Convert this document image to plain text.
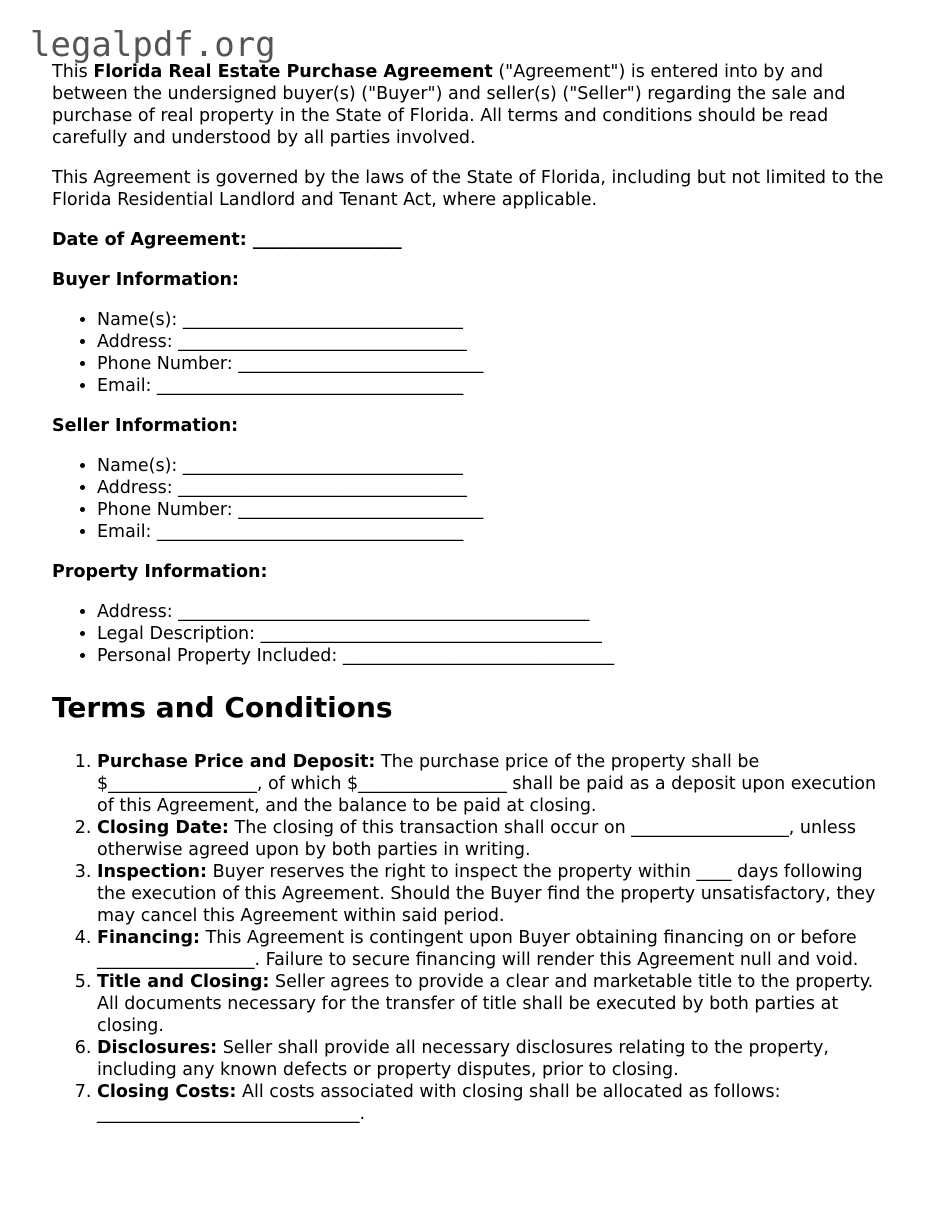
legalpdf.org

This Florida Real Estate Purchase Agreement ("Agreement") is entered into by and between the undersigned buyer(s) ("Buyer") and seller(s) ("Seller") regarding the sale and purchase of real property in the State of Florida. All terms and conditions should be read carefully and understood by all parties involved.

This Agreement is governed by the laws of the State of Florida, including but not limited to the Florida Residential Landlord and Tenant Act, where applicable.

Date of Agreement: _________________
Buyer Information:
• Name(s): ________________________________
• Address: _________________________________
• Phone Number: ____________________________
• Email: ___________________________________
Seller Information:
• Name(s): ________________________________
• Address: _________________________________
• Phone Number: ____________________________
• Email: ___________________________________
Property Information:
• Address: _______________________________________________
• Legal Description: _______________________________________
• Personal Property Included: _______________________________
Terms and Conditions
1. Purchase Price and Deposit: The purchase price of the property shall be $_________________, of which $_________________ shall be paid as a deposit upon execution of this Agreement, and the balance to be paid at closing.
2. Closing Date: The closing of this transaction shall occur on __________________, unless otherwise agreed upon by both parties in writing.
3. Inspection: Buyer reserves the right to inspect the property within ____ days following the execution of this Agreement. Should the Buyer find the property unsatisfactory, they may cancel this Agreement within said period.
4. Financing: This Agreement is contingent upon Buyer obtaining financing on or before __________________. Failure to secure financing will render this Agreement null and void.
5. Title and Closing: Seller agrees to provide a clear and marketable title to the property. All documents necessary for the transfer of title shall be executed by both parties at closing.
6. Disclosures: Seller shall provide all necessary disclosures relating to the property, including any known defects or property disputes, prior to closing.
7. Closing Costs: All costs associated with closing shall be allocated as follows: ______________________________.
